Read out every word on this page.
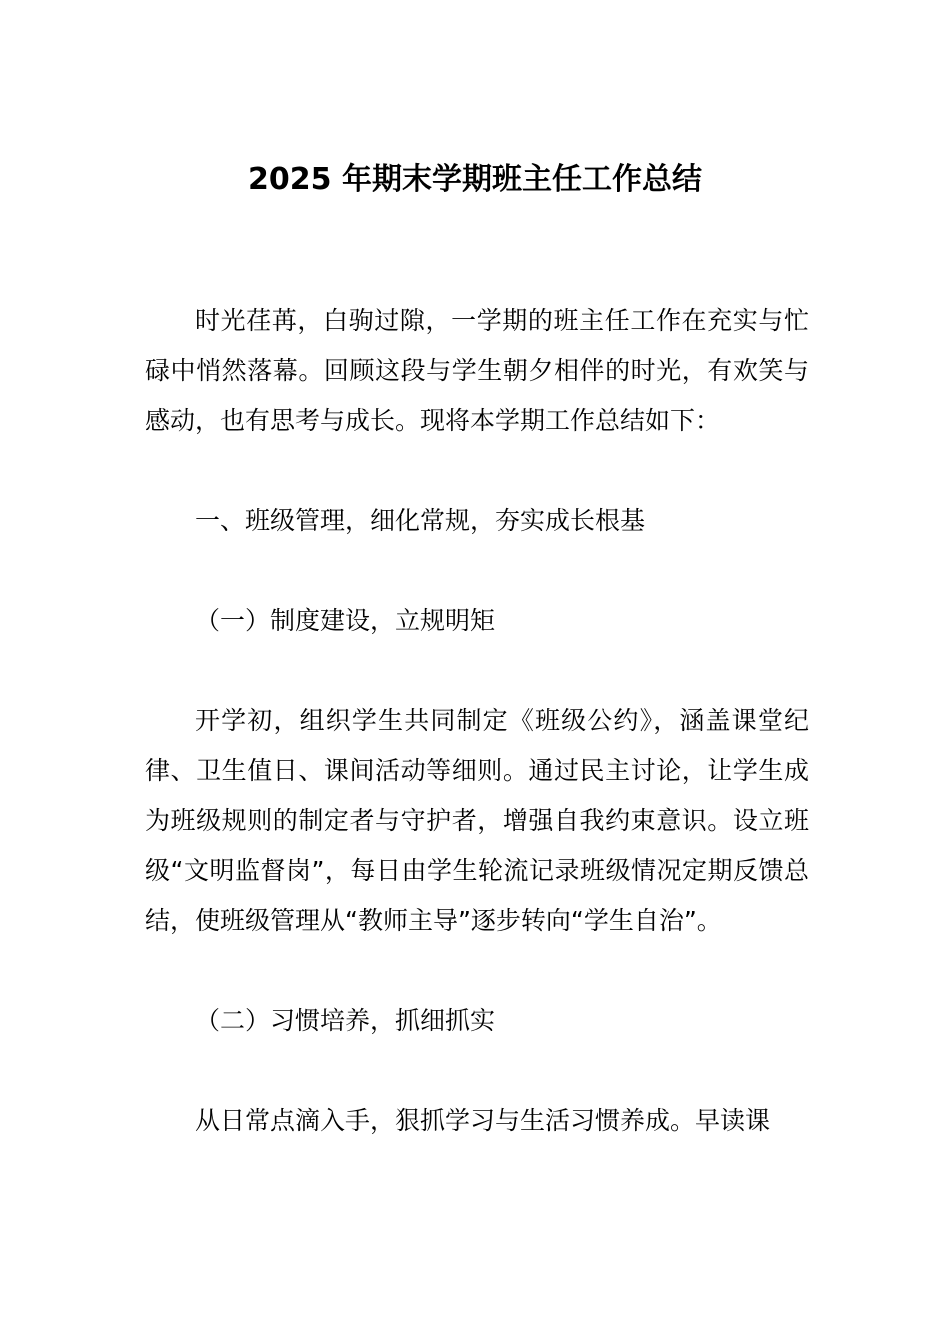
2025 年期末学期班主任工作总结

时光荏苒，白驹过隙，一学期的班主任工作在充实与忙碌中悄然落幕。回顾这段与学生朝夕相伴的时光，有欢笑与感动，也有思考与成长。现将本学期工作总结如下：

一、班级管理，细化常规，夯实成长根基

（一）制度建设，立规明矩

开学初，组织学生共同制定《班级公约》，涵盖课堂纪律、卫生值日、课间活动等细则。通过民主讨论，让学生成为班级规则的制定者与守护者，增强自我约束意识。设立班级“文明监督岗”，每日由学生轮流记录班级情况定期反馈总结，使班级管理从“教师主导”逐步转向“学生自治”。

（二）习惯培养，抓细抓实

从日常点滴入手，狠抓学习与生活习惯养成。早读课
